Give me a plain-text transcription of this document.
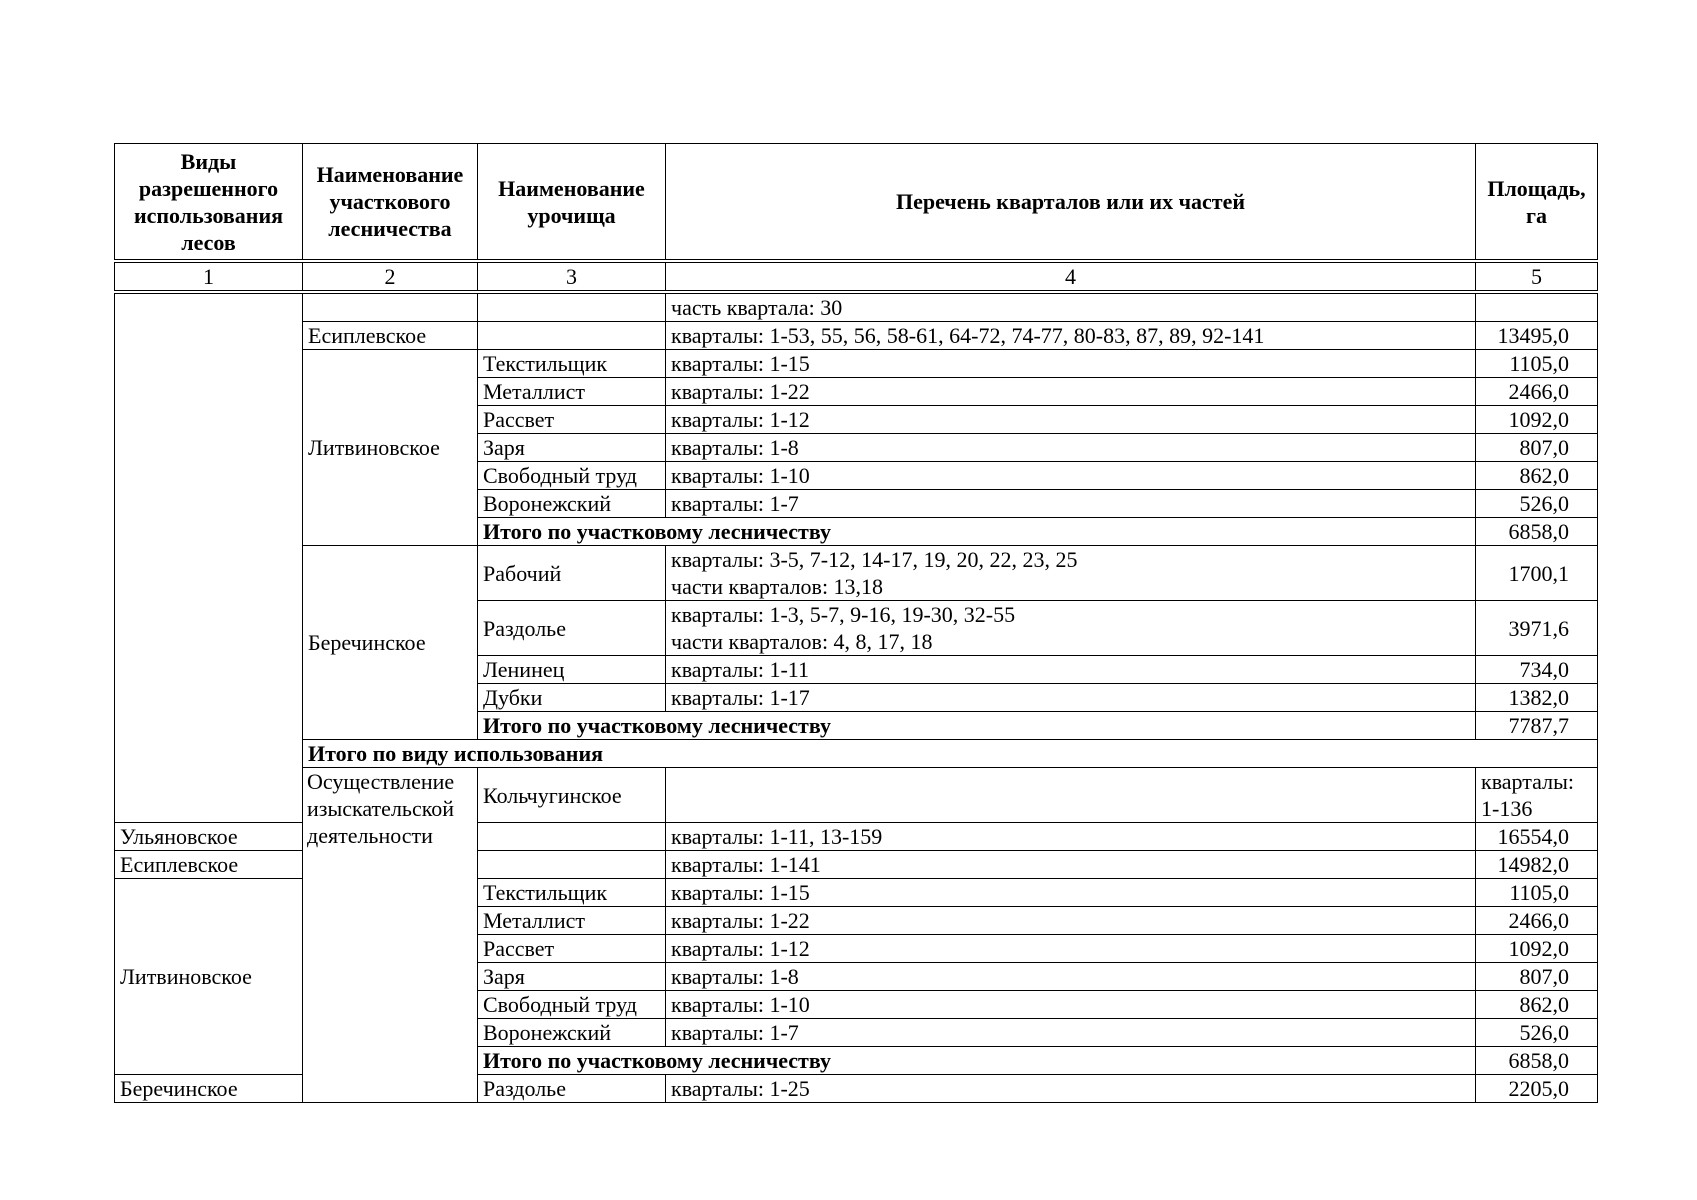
Виды разрешенного использования лесов	Наименование участкового лесничества	Наименование урочища	Перечень кварталов или их частей	Площадь, га	
1	2	3	4	5	
			часть квартала: 30		
	Есиплевское		кварталы: 1-53, 55, 56, 58-61, 64-72, 74-77, 80-83, 87, 89, 92-141	13495,0	
	Литвиновское	Текстильщик	кварталы: 1-15	1105,0	
		Металлист	кварталы: 1-22	2466,0	
		Рассвет	кварталы: 1-12	1092,0	
		Заря	кварталы: 1-8	807,0	
		Свободный труд	кварталы: 1-10	862,0	
		Воронежский	кварталы: 1-7	526,0	
		Итого по участковому лесничеству		6858,0	
	Беречинское	Рабочий	кварталы: 3-5, 7-12, 14-17, 19, 20, 22, 23, 25
части кварталов: 13,18	1700,1	
		Раздолье	кварталы: 1-3, 5-7, 9-16, 19-30, 32-55
части кварталов: 4, 8, 17, 18	3971,6	
		Ленинец	кварталы: 1-11	734,0	
		Дубки	кварталы: 1-17	1382,0	
		Итого по участковому лесничеству		7787,7	
	Итого по виду использования	
	Осуществление изыскательской деятельности	Кольчугинское		кварталы: 1-136	
Ульяновское			кварталы: 1-11, 13-159	16554,0	
Есиплевское			кварталы: 1-141	14982,0	
Литвиновское		Текстильщик	кварталы: 1-15	1105,0	
		Металлист	кварталы: 1-22	2466,0	
		Рассвет	кварталы: 1-12	1092,0	
		Заря	кварталы: 1-8	807,0	
		Свободный труд	кварталы: 1-10	862,0	
		Воронежский	кварталы: 1-7	526,0	
		Итого по участковому лесничеству		6858,0	
Беречинское		Раздолье	кварталы: 1-25	2205,0	
